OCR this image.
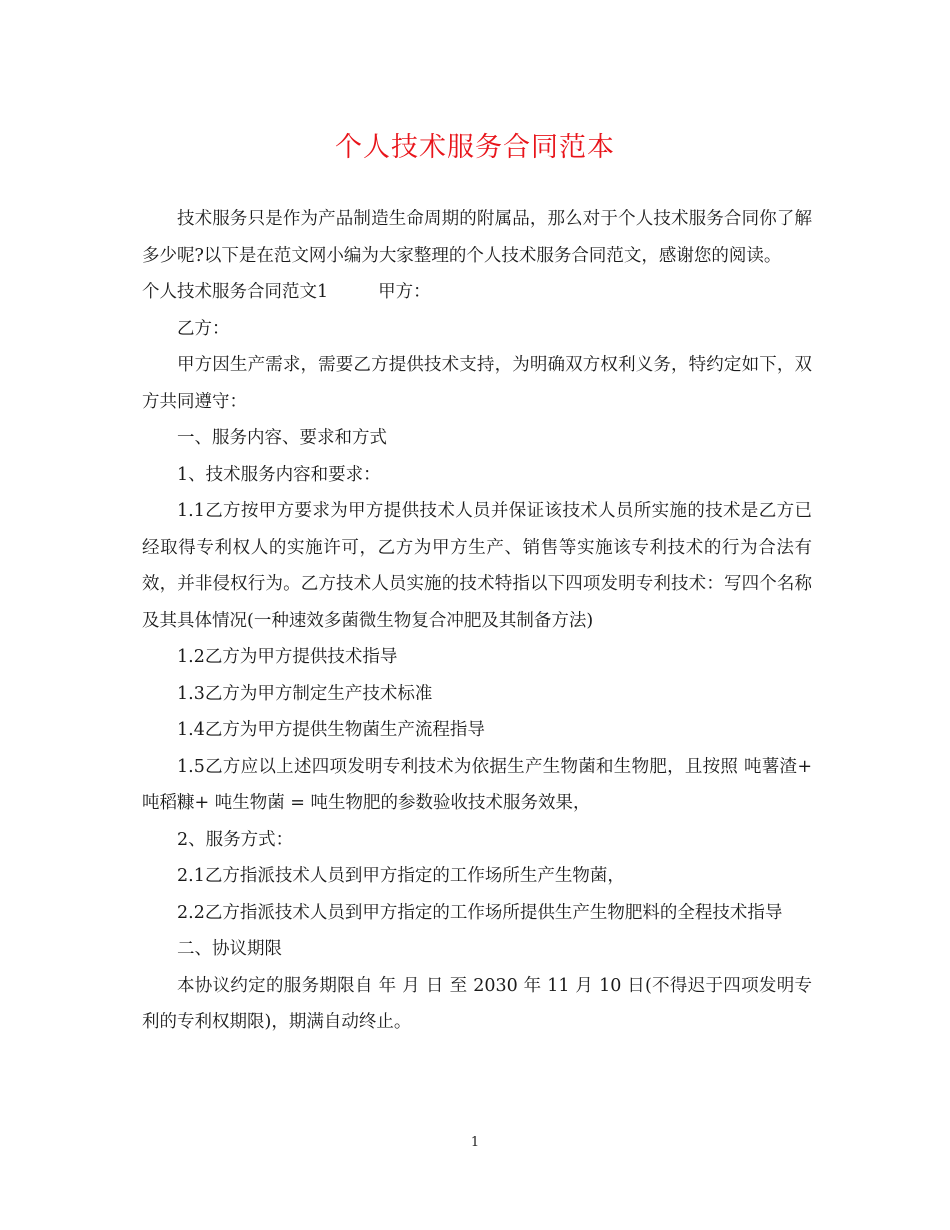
个人技术服务合同范本

技术服务只是作为产品制造生命周期的附属品，那么对于个人技术服务合同你了解多少呢?以下是在范文网小编为大家整理的个人技术服务合同范文，感谢您的阅读。

个人技术服务合同范文1	甲方：

乙方：

甲方因生产需求，需要乙方提供技术支持，为明确双方权利义务，特约定如下，双方共同遵守：

一、服务内容、要求和方式

1、技术服务内容和要求：

1.1乙方按甲方要求为甲方提供技术人员并保证该技术人员所实施的技术是乙方已经取得专利权人的实施许可，乙方为甲方生产、销售等实施该专利技术的行为合法有效，并非侵权行为。乙方技术人员实施的技术特指以下四项发明专利技术：写四个名称及其具体情况(一种速效多菌微生物复合冲肥及其制备方法)

1.2乙方为甲方提供技术指导

1.3乙方为甲方制定生产技术标准

1.4乙方为甲方提供生物菌生产流程指导

1.5乙方应以上述四项发明专利技术为依据生产生物菌和生物肥，且按照 吨薯渣+ 吨稻糠+ 吨生物菌 = 吨生物肥的参数验收技术服务效果，

2、服务方式：

2.1乙方指派技术人员到甲方指定的工作场所生产生物菌，

2.2乙方指派技术人员到甲方指定的工作场所提供生产生物肥料的全程技术指导

二、协议期限

本协议约定的服务期限自 年 月 日 至 2030 年 11 月 10 日(不得迟于四项发明专利的专利权期限)，期满自动终止。

1
